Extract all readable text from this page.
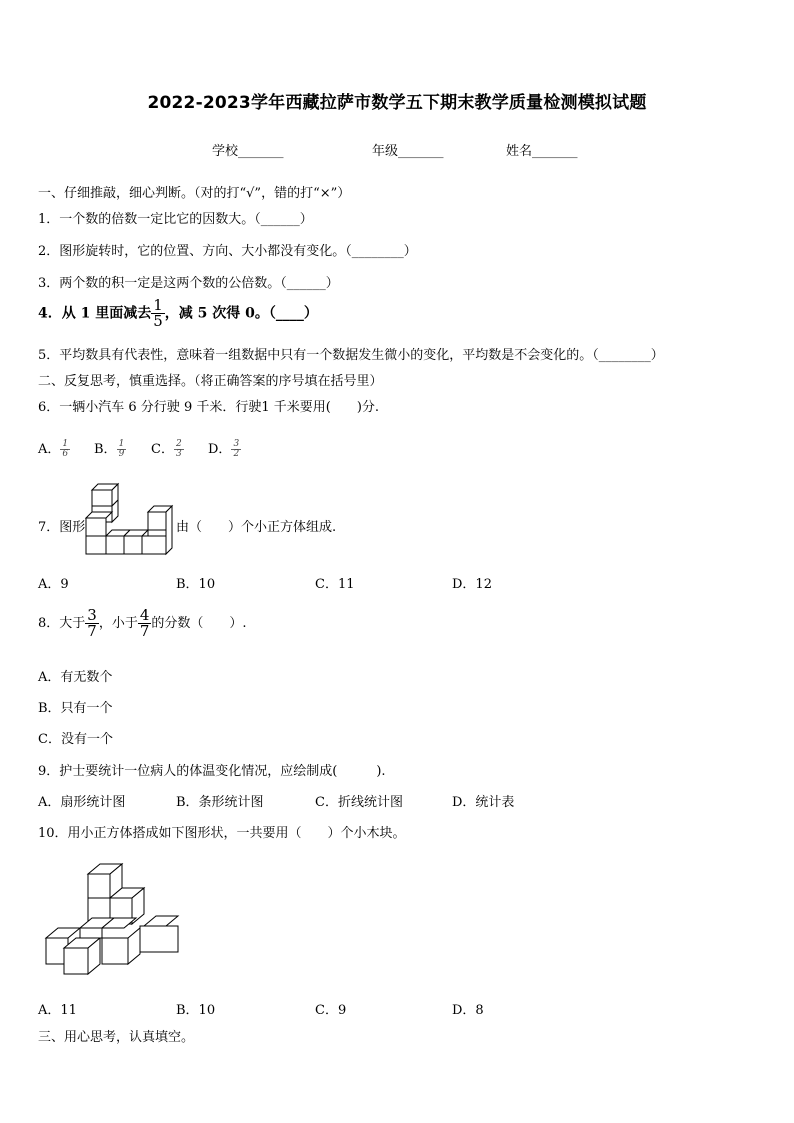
2022-2023学年西藏拉萨市数学五下期末教学质量检测模拟试题
学校_______	年级_______	姓名_______
一、仔细推敲，细心判断。（对的打“√”，错的打“×”）
1．一个数的倍数一定比它的因数大。（______）
2．图形旋转时，它的位置、方向、大小都没有变化。（________）
3．两个数的积一定是这两个数的公倍数。（______）
4．从 1 里面减去 $\frac{1}{5}$ ，减 5 次得 0。（____）
5．平均数具有代表性，意味着一组数据中只有一个数据发生微小的变化，平均数是不会变化的。（________）
二、反复思考，慎重选择。（将正确答案的序号填在括号里）
6．一辆小汽车 6 分行驶 9 千米．行驶1 千米要用(　　)分.
A． $\frac{1}{6}$ B． $\frac{1}{9}$ C． $\frac{2}{3}$ D． $\frac{3}{2}$
7．图形	由（　　）个小正方体组成.
A．9	B．10	C．11	D．12
8．大于 $\frac{3}{7}$ ，小于 $\frac{4}{7}$ 的分数（　　）.
A．有无数个
B．只有一个
C．没有一个
9．护士要统计一位病人的体温变化情况，应绘制成(　　　).
A．扇形统计图	B．条形统计图	C．折线统计图	D．统计表
10．用小正方体搭成如下图形状，一共要用（　　）个小木块。
A．11	B．10	C．9	D．8
三、用心思考，认真填空。
